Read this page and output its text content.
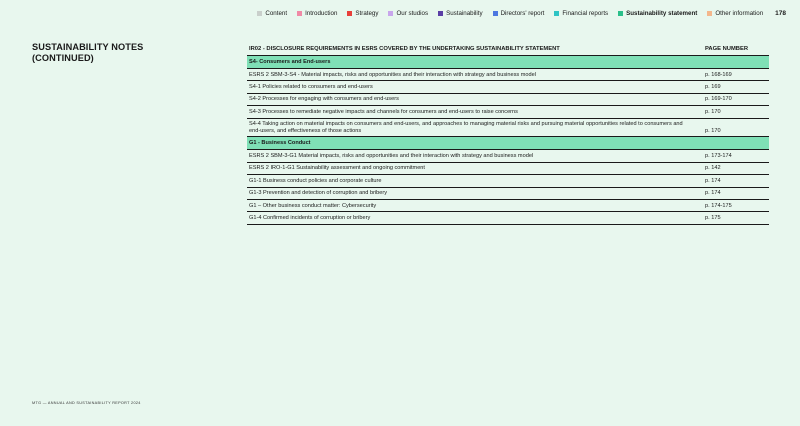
Content	Introduction	Strategy	Our studios	Sustainability	Directors' report	Financial reports	Sustainability statement	Other information 178
SUSTAINABILITY NOTES
(CONTINUED)
IR02 - DISCLOSURE REQUIREMENTS IN ESRS COVERED BY THE UNDERTAKING SUSTAINABILITY STATEMENT	PAGE NUMBER
S4- Consumers and End-users
ESRS 2 SBM-3-S4 - Material impacts, risks and opportunities and their interaction with strategy and business model	p. 168-169
S4-1 Policies related to consumers and end-users	p. 169
S4-2 Processes for engaging with consumers and end-users	p. 169-170
S4-3 Processes to remediate negative impacts and channels for consumers and end-users to raise concerns	p. 170
S4-4 Taking action on material impacts on consumers and end-users, and approaches to managing material risks and pursuing material opportunities related to consumers and end-users, and effectiveness of those actions	p. 170
G1 - Business Conduct
ESRS 2 SBM-3-G1 Material impacts, risks and opportunities and their interaction with strategy and business model	p. 173-174
ESRS 2 IRO-1-G1 Sustainability assessment and ongoing commitment	p. 142
G1-1 Business conduct policies and corporate culture	p. 174
G1-3 Prevention and detection of corruption and bribery	p. 174
G1 – Other business conduct matter: Cybersecurity	p. 174-175
G1-4 Confirmed incidents of corruption or bribery	p. 175
MTG — ANNUAL AND SUSTAINABILITY REPORT 2024
